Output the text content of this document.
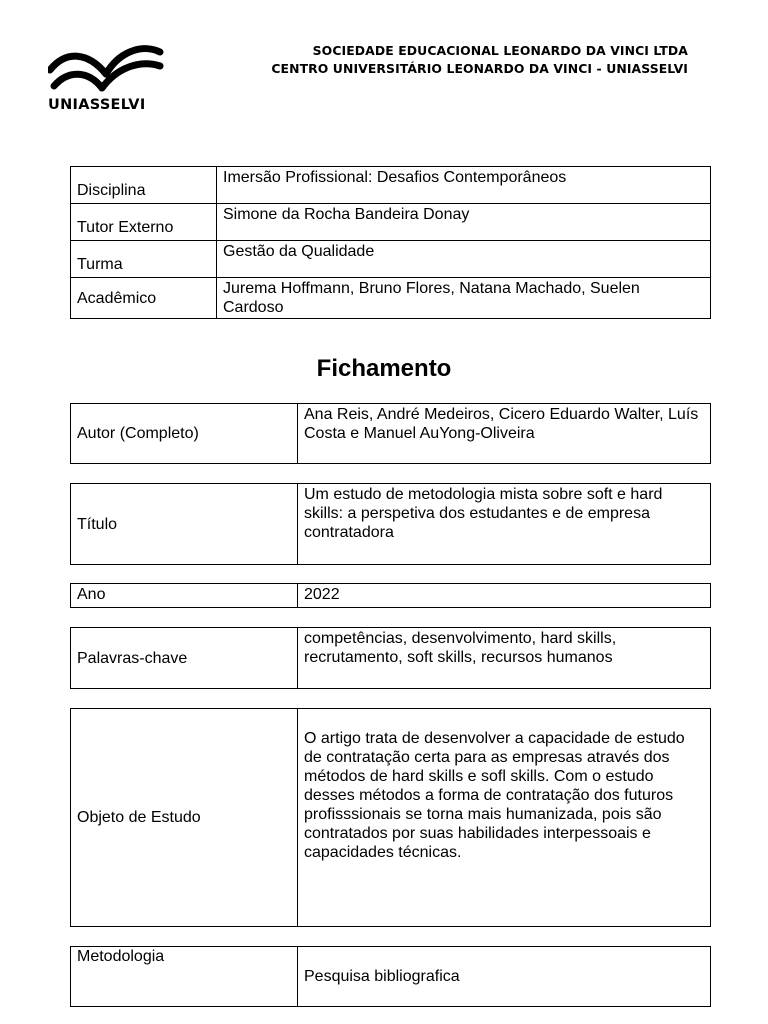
UNIASSELVI
SOCIEDADE EDUCACIONAL LEONARDO DA VINCI LTDA
CENTRO UNIVERSITÁRIO LEONARDO DA VINCI - UNIASSELVI
Disciplina	Imersão Profissional: Desafios Contemporâneos
Tutor Externo	Simone da Rocha Bandeira Donay
Turma	Gestão da Qualidade
Acadêmico	Jurema Hoffmann, Bruno Flores, Natana Machado, Suelen Cardoso
Fichamento
Autor (Completo)	Ana Reis, André Medeiros, Cicero Eduardo Walter, Luís Costa e Manuel AuYong-Oliveira
Título	Um estudo de metodologia mista sobre soft e hard skills: a perspetiva dos estudantes e de empresa contratadora
Ano	2022
Palavras-chave	competências, desenvolvimento, hard skills, recrutamento, soft skills, recursos humanos
Objeto de Estudo	O artigo trata de desenvolver a capacidade de estudo de contratação certa para as empresas através dos métodos de hard skills e sofl skills. Com o estudo desses métodos a forma de contratação dos futuros profisssionais se torna mais humanizada, pois são contratados por suas habilidades interpessoais e capacidades técnicas.
Metodologia	Pesquisa bibliografica
